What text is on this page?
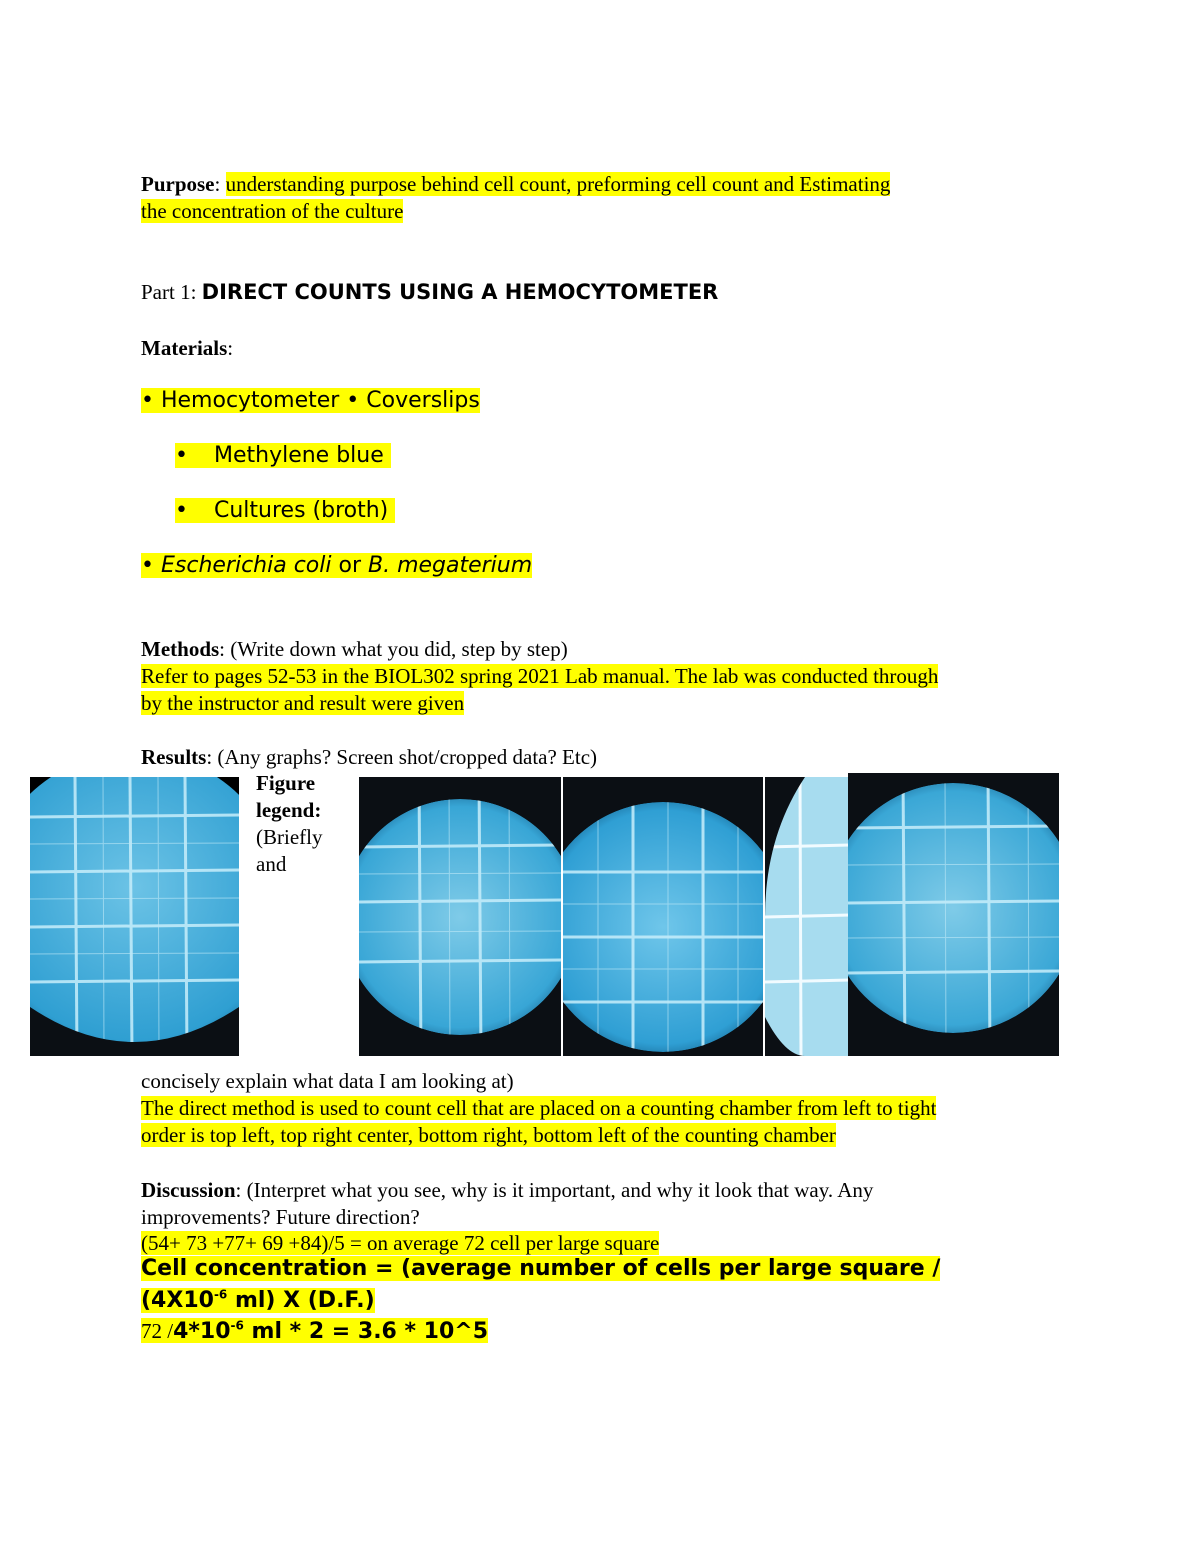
Purpose: understanding purpose behind cell count, preforming cell count and Estimating
the concentration of the culture
Part 1: DIRECT COUNTS USING A HEMOCYTOMETER
Materials:
• Hemocytometer • Coverslips
• Methylene blue
• Cultures (broth)
• Escherichia coli or B. megaterium
Methods: (Write down what you did, step by step)
Refer to pages 52-53 in the BIOL302 spring 2021 Lab manual. The lab was conducted through
by the instructor and result were given
Results: (Any graphs? Screen shot/cropped data? Etc)
Figure
legend:
(Briefly
and
concisely explain what data I am looking at)
The direct method is used to count cell that are placed on a counting chamber from left to tight
order is top left, top right center, bottom right, bottom left of the counting chamber
Discussion: (Interpret what you see, why is it important, and why it look that way. Any
improvements? Future direction?
(54+ 73 +77+ 69 +84)/5 = on average 72 cell per large square
Cell concentration = (average number of cells per large square /
($4X10^{-6}$ ml) X (D.F.)
72 $/4*10^{-6}$ ml * 2 = 3.6 * 10^5
